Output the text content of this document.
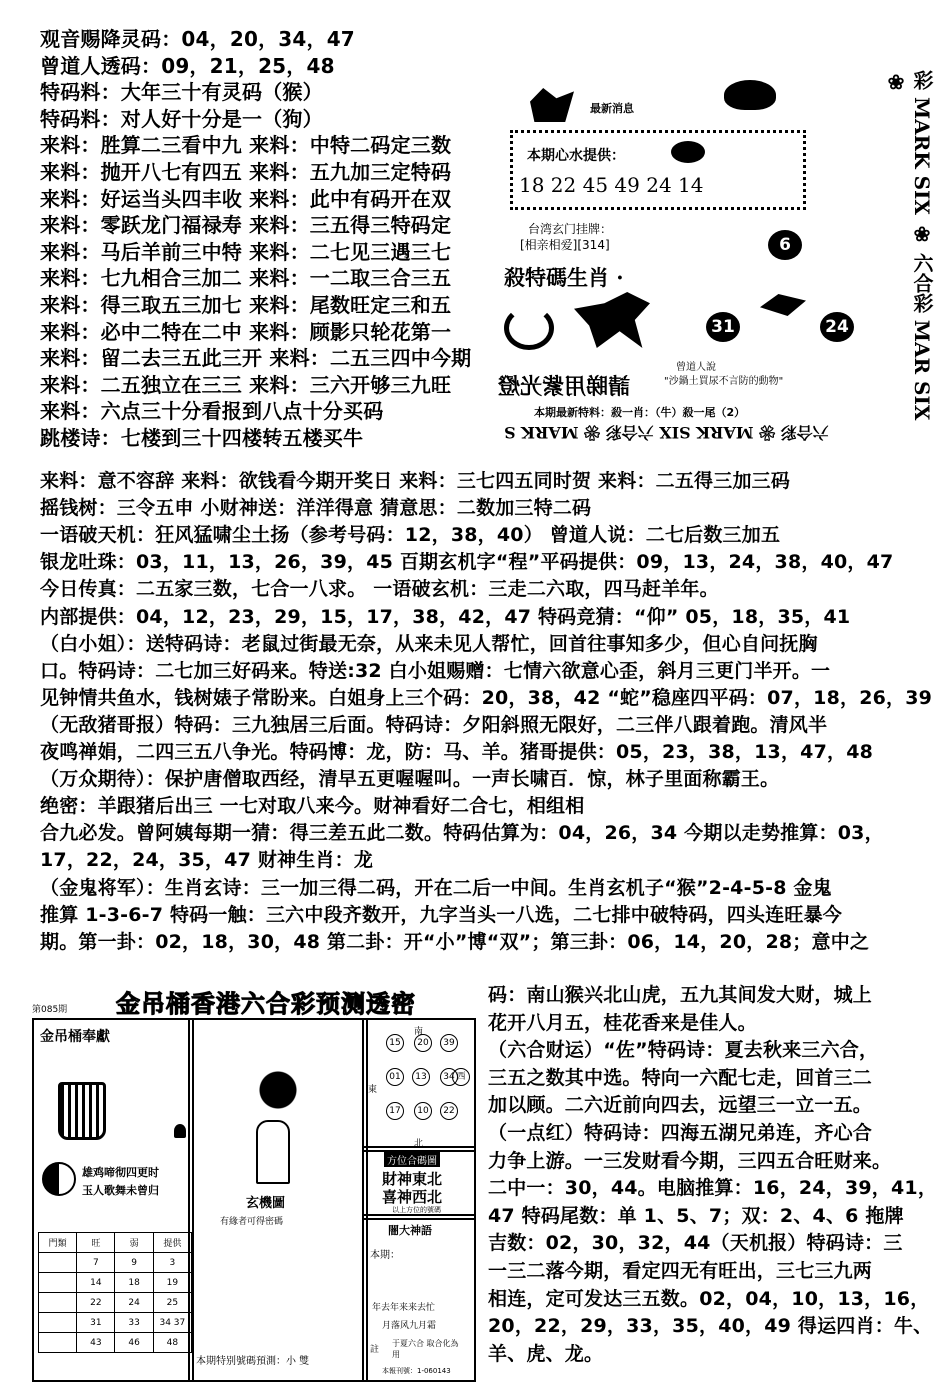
观音赐降灵码：04，20，34，47
曾道人透码：09，21，25，48
特码料：大年三十有灵码（猴）
特码料：对人好十分是一（狗）
来料：胜算二三看中九 来料：中特二码定三数
来料：抛开八七有四五 来料：五九加三定特码
来料：好运当头四丰收 来料：此中有码开在双
来料：零跃龙门福禄寿 来料：三五得三特码定
来料：马后羊前三中特 来料：二七见三遇三七
来料：七九相合三加二 来料：一二取三合三五
来料：得三取五三加七 来料：尾数旺定三和五
来料：必中二特在二中 来料：顾影只轮花第一
来料：留二去三五此三开 来料：二五三四中今期
来料：二五独立在三三 来料：三六开够三九旺
来料：六点三十分看报到八点十分买码
跳楼诗：七楼到三十四楼转五楼买牛
最新消息
本期心水提供：
18 22 45 49 24 14
台湾玄门挂牌：
[相亲相爱][314]	6
殺特碼生肖 ·
31	24
曾道人說
"沙鍋土買尿不言防的動物"
請睇用紫光燈
本期最新特料：殺一肖：（牛）殺一尾（2）
六合彩 ❀ MARK SIX 六合彩 ❀ MARK S
彩 MARK SIX ❀ 六合彩 MAR SIX ❀
来料：意不容辞 来料：欲钱看今期开奖日 来料：三七四五同时贺 来料：二五得三加三码
摇钱树：三令五申 小财神送：洋洋得意 猜意思：二数加三特二码
一语破天机：狂风猛啸尘土扬（参考号码：12，38，40） 曾道人说：二七后数三加五
银龙吐珠：03，11，13，26，39，45 百期玄机字“程”平码提供：09，13，24，38，40，47
今日传真：二五家三数，七合一八求。 一语破玄机：三走二六取，四马赶羊年。
内部提供：04，12，23，29，15，17，38，42，47 特码竞猜：“仰” 05，18，35，41
（白小姐）：送特码诗：老鼠过街最无奈，从来未见人帮忙，回首往事知多少，但心自问抚胸
口。特码诗：二七加三好码来。特送:32 白小姐赐赠：七情六欲意心歪，斜月三更门半开。一
见钟情共鱼水，钱树婊子常盼来。白姐身上三个码：20，38，42 “蛇”稳座四平码：07，18，26，39
（无敌猪哥报）特码：三九独居三后面。特码诗：夕阳斜照无限好，二三伴八跟着跑。清风半
夜鸣禅娟，二四三五八争光。特码博：龙，防：马、羊。猪哥提供：05，23，38，13，47，48
（万众期待）：保护唐僧取西经，清早五更喔喔叫。一声长啸百．惊，林子里面称霸王。
绝密：羊跟猪后出三 一七对取八来今。财神看好二合七，相组相
合九必发。曾阿姨每期一猜：得三差五此二数。特码估算为：04，26，34 今期以走势推算：03，
17，22，24，35，47 财神生肖：龙
（金鬼将军）：生肖玄诗：三一加三得二码，开在二后一中间。生肖玄机子“猴”2-4-5-8 金鬼
推算 1-3-6-7 特码一触：三六中段齐数开，九字当头一八选，二七排中破特码，四头连旺暴今
期。第一卦：02，18，30，48 第二卦：开“小”博“双”；第三卦：06，14，20，28；意中之
码：南山猴兴北山虎，五九其间发大财，城上
花开八月五，桂花香来是佳人。
（六合财运）“佐”特码诗：夏去秋来三六合，
三五之数其中选。特向一六配七走，回首三二
加以顾。二六近前向四去，远望三一立一五。
（一点红）特码诗：四海五湖兄弟连，齐心合
力争上游。一三发财看今期，三四五合旺财来。
二中一：30，44。电脑推算：16，24，39，41，
47 特码尾数：单 1、5、7；双：2、4、6 拖牌
吉数：02，30，32，44（天机报）特码诗：三
一三二落今期，看定四无有旺出，三七三九两
相连，定可发达三五数。02，04，10，13，16，
20，22，29，33，35，40，49 得运四肖：牛、
羊、虎、龙。
第085期 金吊桶香港六合彩预测透密
金吊桶奉獻
雄鸡啼彻四更时
玉人歌舞未曾归
門類	旺	弱	提供
	7	9	3
	14	18	19
	22	24	25
	31	33	34 37
	43	46	48
玄機圖
有緣者可得密碼
本期特别號碼預測：小 雙
南
東
北
15	20	39
01	13	34 西
17	10	22
方位合碼圖
財神東北
喜神西北
以上方位的號碼
闇大神語
本期：
年去年来来去忙
月落风九月霜
註
于夏六合 取合化為用
本報刊號：1-060143
